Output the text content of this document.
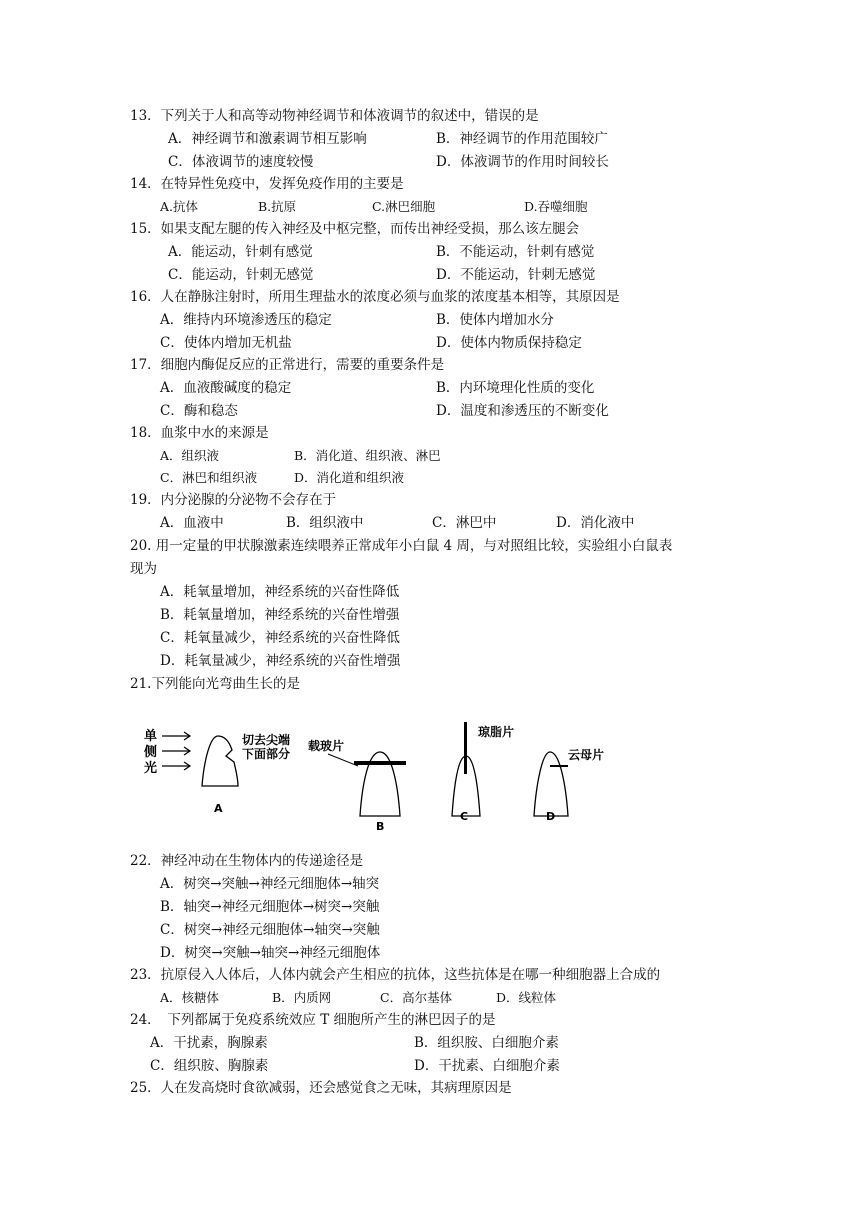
13．下列关于人和高等动物神经调节和体液调节的叙述中，错误的是
A．神经调节和激素调节相互影响	B．神经调节的作用范围较广
C．体液调节的速度较慢	D．体液调节的作用时间较长
14．在特异性免疫中，发挥免疫作用的主要是
A.抗体	B.抗原	C.淋巴细胞	D.吞噬细胞
15．如果支配左腿的传入神经及中枢完整，而传出神经受损，那么该左腿会
A．能运动，针刺有感觉	B．不能运动，针刺有感觉
C．能运动，针刺无感觉	D．不能运动，针刺无感觉
16．人在静脉注射时，所用生理盐水的浓度必须与血浆的浓度基本相等，其原因是
A．维持内环境渗透压的稳定	B．使体内增加水分
C．使体内增加无机盐	D．使体内物质保持稳定
17．细胞内酶促反应的正常进行，需要的重要条件是
A．血液酸碱度的稳定	B．内环境理化性质的变化
C．酶和稳态	D．温度和渗透压的不断变化
18．血浆中水的来源是
A．组织液	B．消化道、组织液、淋巴
C．淋巴和组织液	D．消化道和组织液
19．内分泌腺的分泌物不会存在于
A．血液中	B．组织液中	C．淋巴中	D．消化液中
20. 用一定量的甲状腺激素连续喂养正常成年小白鼠 4 周，与对照组比较，实验组小白鼠表
现为
A．耗氧量增加，神经系统的兴奋性降低
B．耗氧量增加，神经系统的兴奋性增强
C．耗氧量减少，神经系统的兴奋性降低
D．耗氧量减少，神经系统的兴奋性增强
21.下列能向光弯曲生长的是
单
侧
光
切去尖端
下面部分
A
载玻片
B
琼脂片
C
云母片
D
22．神经冲动在生物体内的传递途径是
A．树突→突触→神经元细胞体→轴突
B．轴突→神经元细胞体→树突→突触
C．树突→神经元细胞体→轴突→突触
D．树突→突触→轴突→神经元细胞体
23．抗原侵入人体后，人体内就会产生相应的抗体，这些抗体是在哪一种细胞器上合成的
A．核糖体	B．内质网	C．高尔基体	D．线粒体
24．　下列都属于免疫系统效应 T 细胞所产生的淋巴因子的是
A．干扰素，胸腺素	B．组织胺、白细胞介素
C．组织胺、胸腺素	D．干扰素、白细胞介素
25．人在发高烧时食欲减弱，还会感觉食之无味，其病理原因是
